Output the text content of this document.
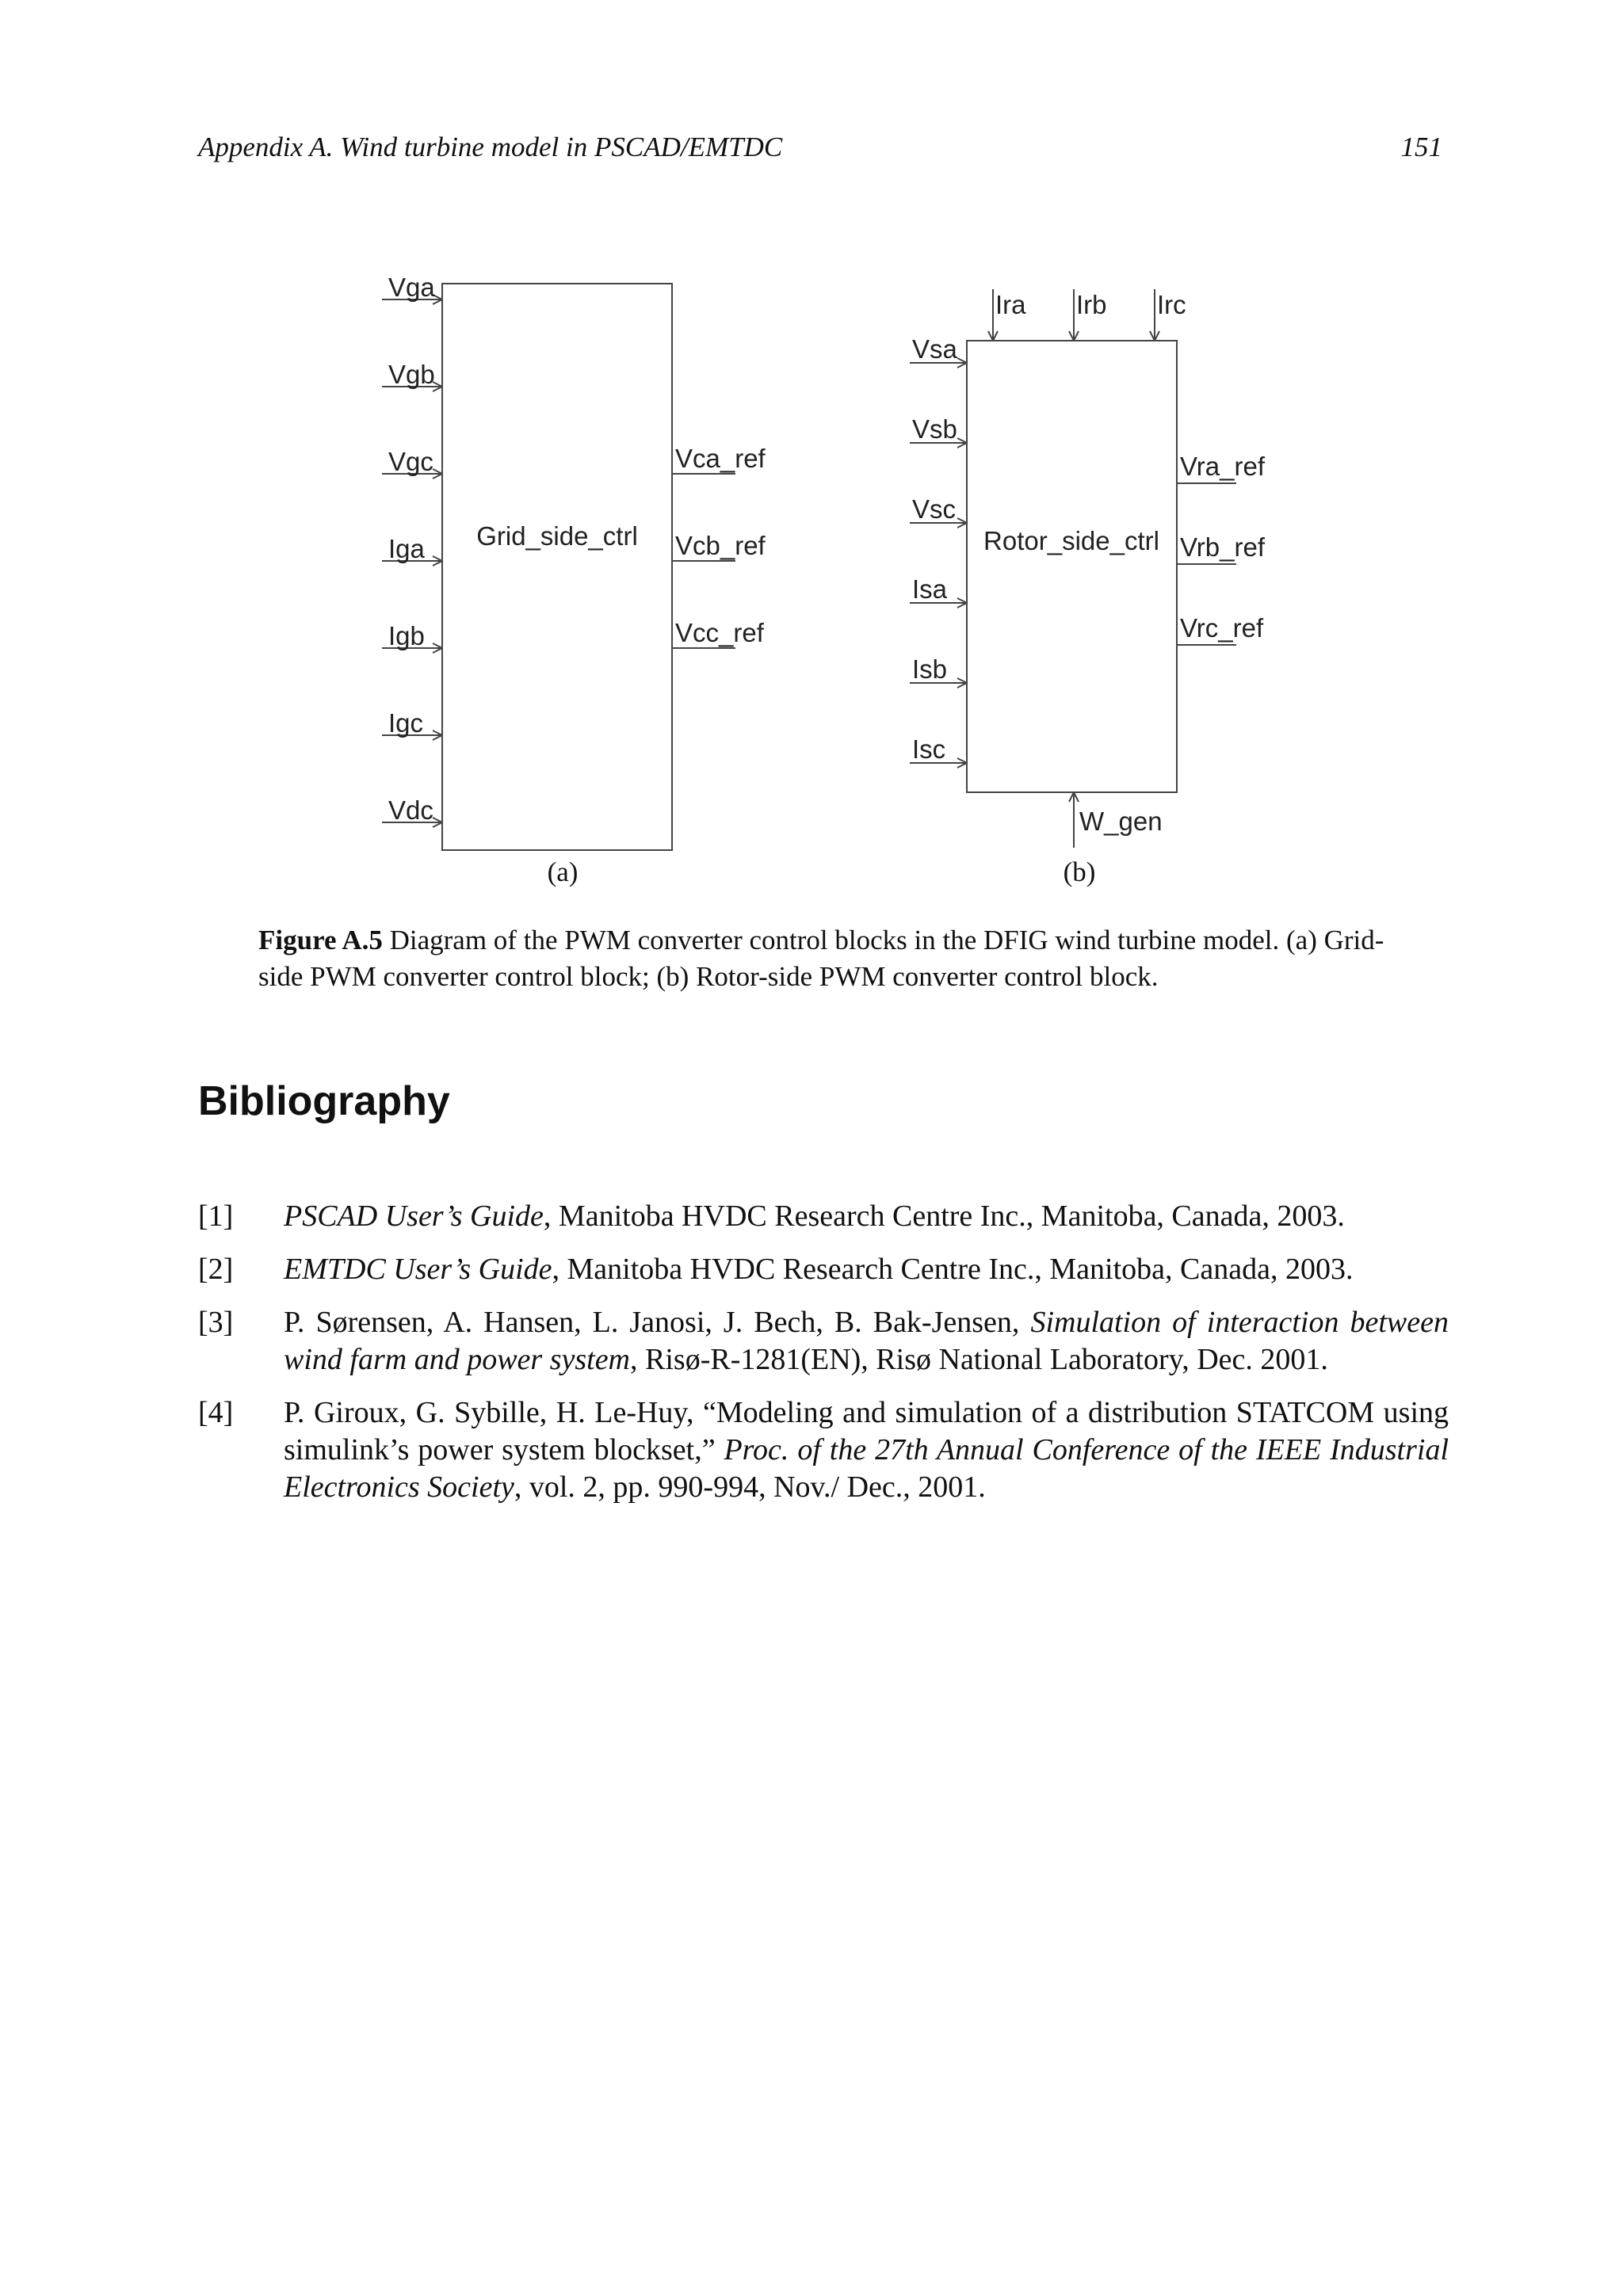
Appendix A. Wind turbine model in PSCAD/EMTDC	151
Grid_side_ctrl
Vga
Vgb
Vgc
Iga
Igb
Igc
Vdc
Vca_ref
Vcb_ref
Vcc_ref
(a)
Rotor_side_ctrl
Ira Irb Irc
Vsa
Vsb
Vsc
Isa
Isb
Isc
Vra_ref
Vrb_ref
Vrc_ref
W_gen
(b)
Figure A.5 Diagram of the PWM converter control blocks in the DFIG wind turbine model. (a) Grid-side PWM converter control block; (b) Rotor-side PWM converter control block.
Bibliography
[1] PSCAD User’s Guide, Manitoba HVDC Research Centre Inc., Manitoba, Canada, 2003.
[2] EMTDC User’s Guide, Manitoba HVDC Research Centre Inc., Manitoba, Canada, 2003.
[3] P. Sørensen, A. Hansen, L. Janosi, J. Bech, B. Bak-Jensen, Simulation of interaction between wind farm and power system, Risø-R-1281(EN), Risø National Laboratory, Dec. 2001.
[4] P. Giroux, G. Sybille, H. Le-Huy, “Modeling and simulation of a distribution STATCOM using simulink’s power system blockset,” Proc. of the 27th Annual Conference of the IEEE Industrial Electronics Society, vol. 2, pp. 990-994, Nov./ Dec., 2001.
